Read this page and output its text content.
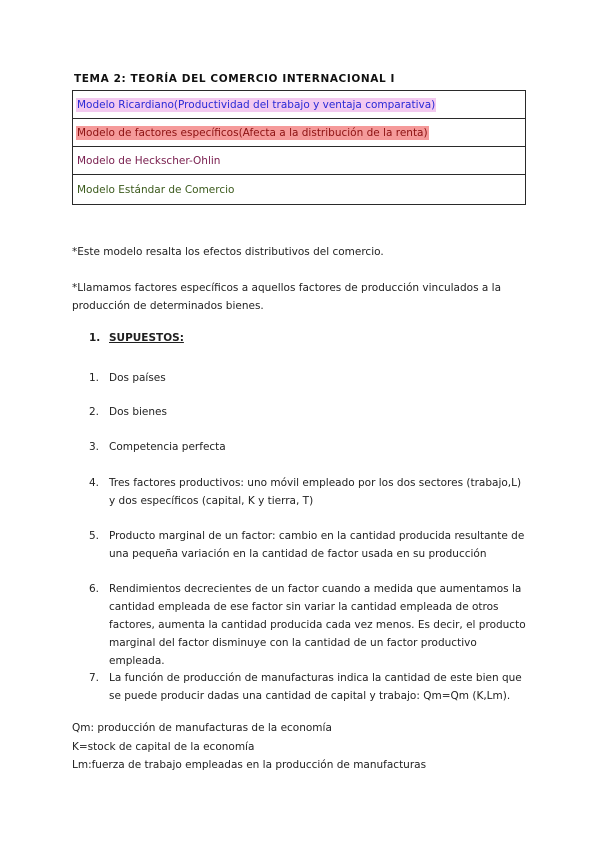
TEMA 2: TEORÍA DEL COMERCIO INTERNACIONAL I
Modelo Ricardiano(Productividad del trabajo y ventaja comparativa)
Modelo de factores específicos(Afecta a la distribución de la renta)
Modelo de Heckscher-Ohlin
Modelo Estándar de Comercio
*Este modelo resalta los efectos distributivos del comercio.
*Llamamos factores específicos a aquellos factores de producción vinculados a la producción de determinados bienes.
1. SUPUESTOS:
1. Dos países
2. Dos bienes
3. Competencia perfecta
4. Tres factores productivos: uno móvil empleado por los dos sectores (trabajo,L) y dos específicos (capital, K y tierra, T)
5. Producto marginal de un factor: cambio en la cantidad producida resultante de una pequeña variación en la cantidad de factor usada en su producción
6. Rendimientos decrecientes de un factor cuando a medida que aumentamos la cantidad empleada de ese factor sin variar la cantidad empleada de otros factores, aumenta la cantidad producida cada vez menos. Es decir, el producto marginal del factor disminuye con la cantidad de un factor productivo empleada.
7. La función de producción de manufacturas indica la cantidad de este bien que se puede producir dadas una cantidad de capital y trabajo: Qm=Qm (K,Lm).
Qm: producción de manufacturas de la economía
K=stock de capital de la economía
Lm:fuerza de trabajo empleadas en la producción de manufacturas
